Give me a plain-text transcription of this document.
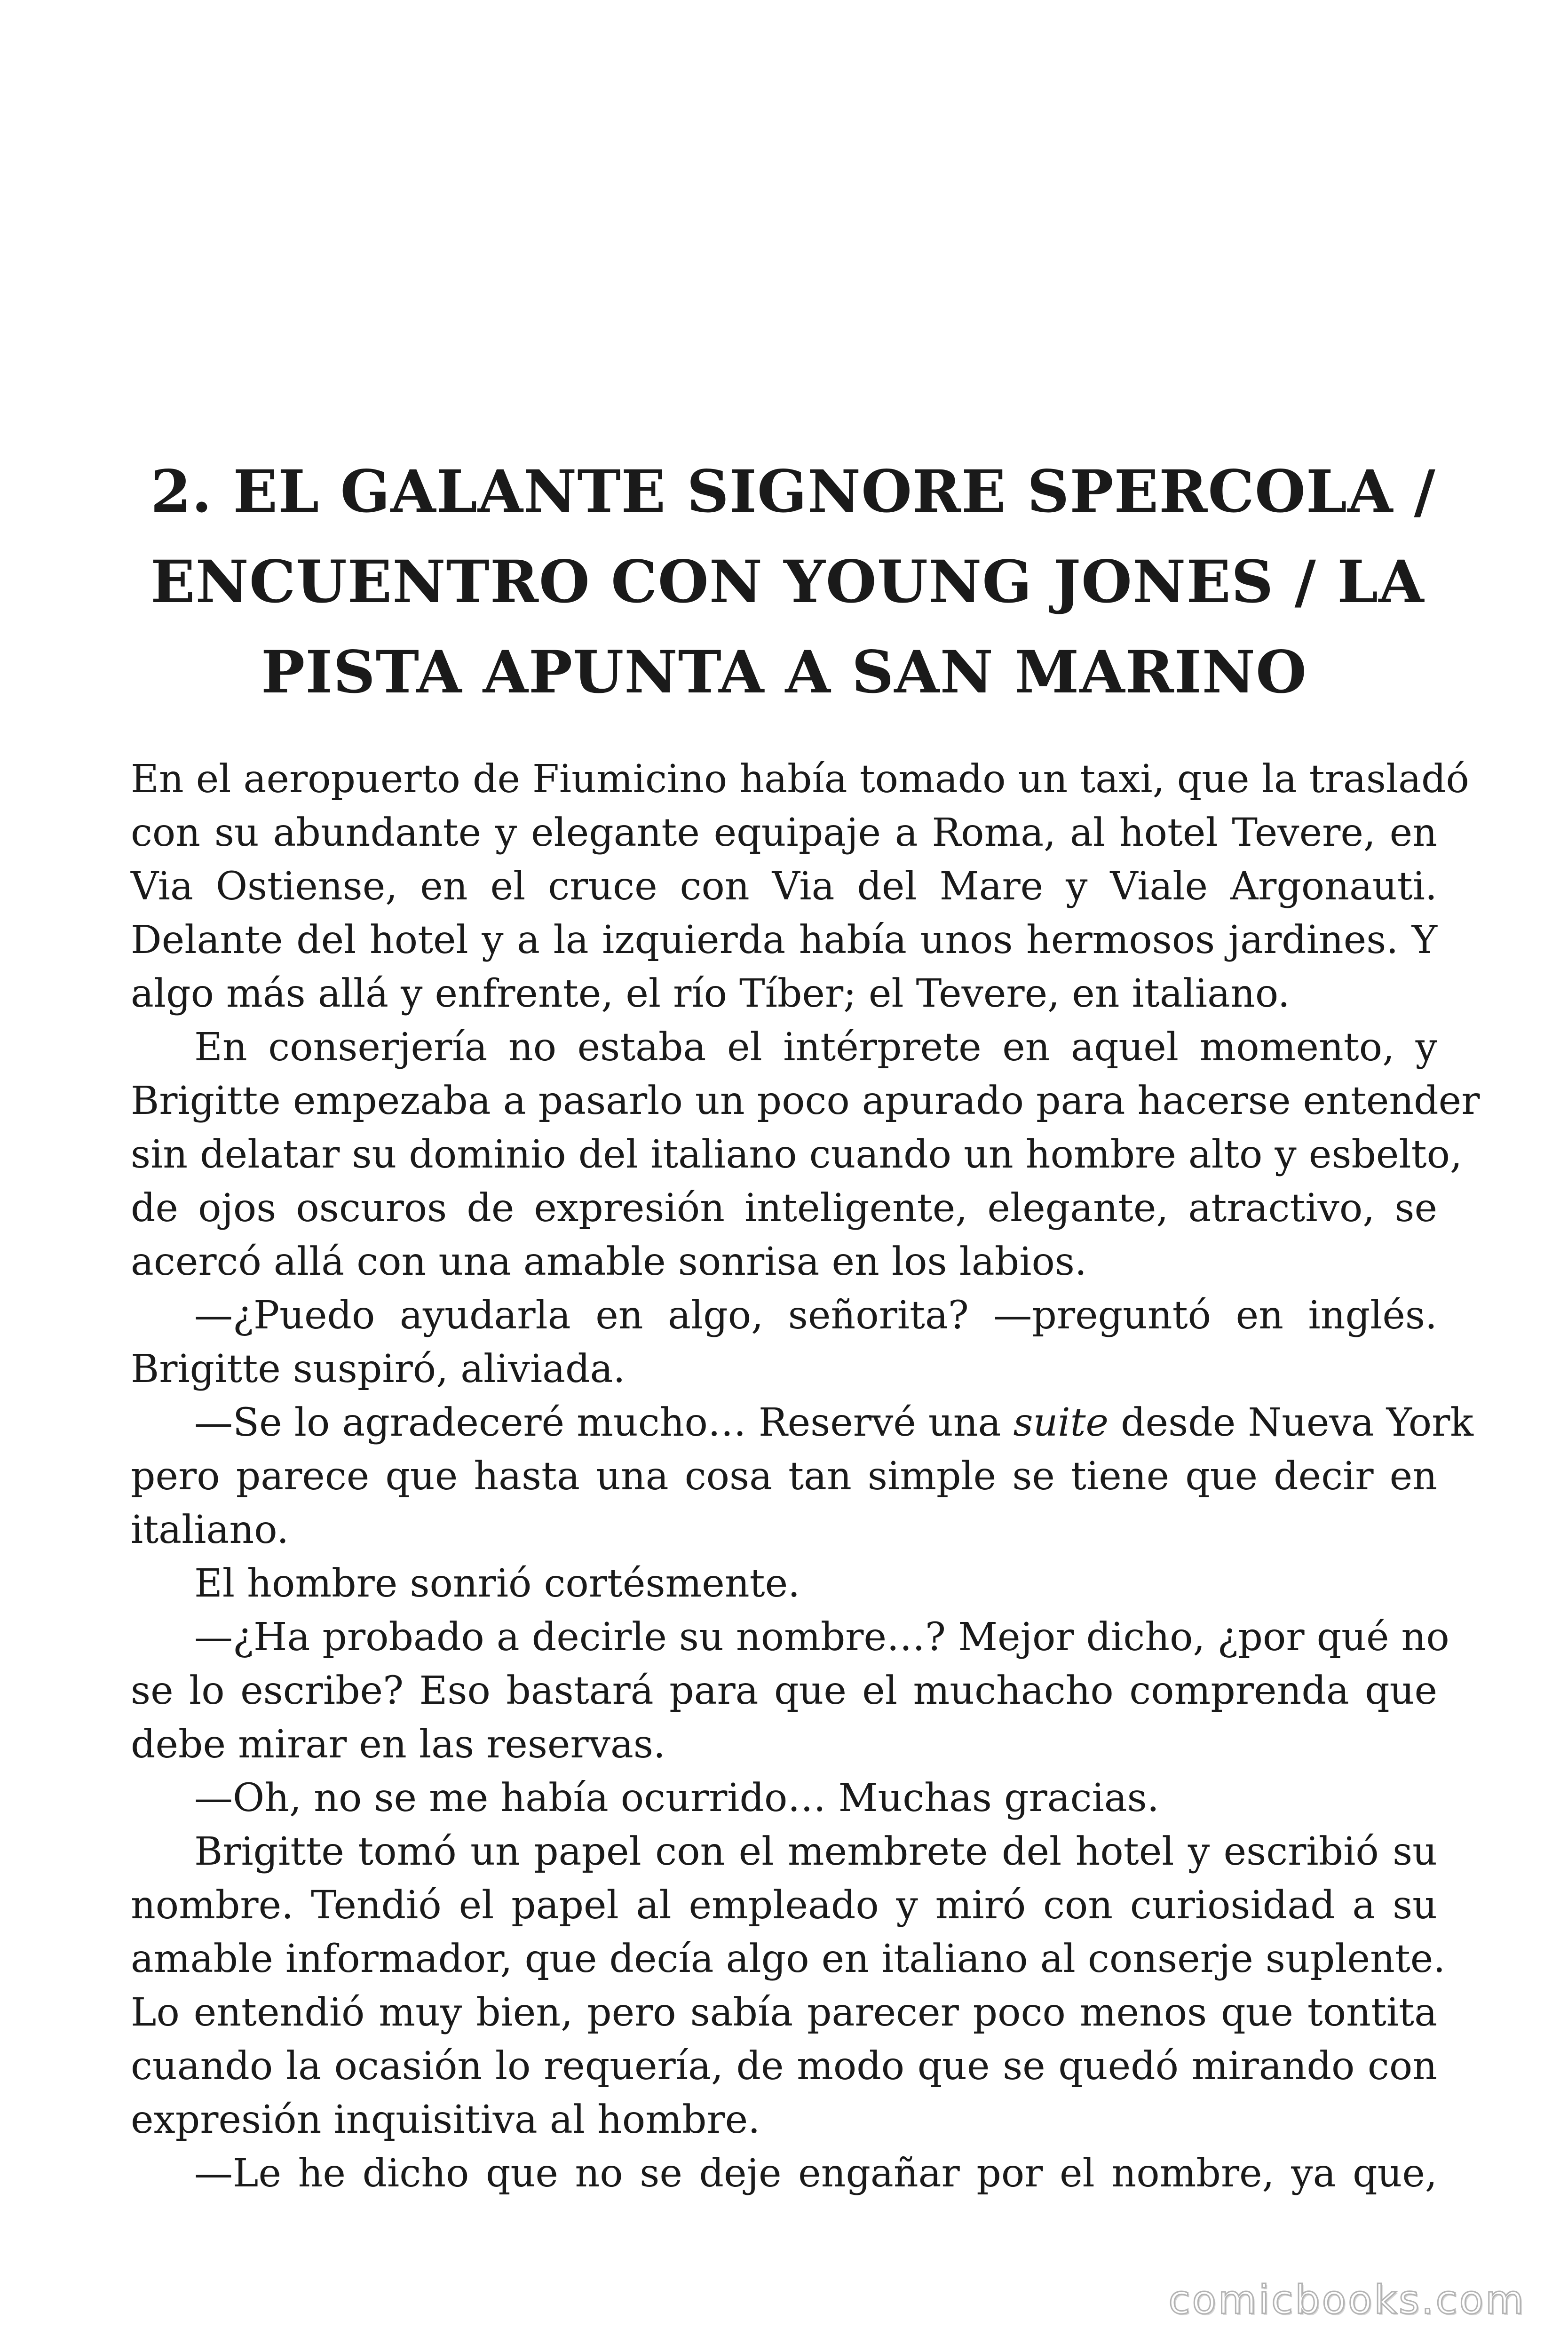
2. EL GALANTE SIGNORE SPERCOLA /
ENCUENTRO CON YOUNG JONES / LA
PISTA APUNTA A SAN MARINO

En el aeropuerto de Fiumicino había tomado un taxi, que la trasladó
con su abundante y elegante equipaje a Roma, al hotel Tevere, en
Via Ostiense, en el cruce con Via del Mare y Viale Argonauti.
Delante del hotel y a la izquierda había unos hermosos jardines. Y
algo más allá y enfrente, el río Tíber; el Tevere, en italiano.

En conserjería no estaba el intérprete en aquel momento, y
Brigitte empezaba a pasarlo un poco apurado para hacerse entender
sin delatar su dominio del italiano cuando un hombre alto y esbelto,
de ojos oscuros de expresión inteligente, elegante, atractivo, se
acercó allá con una amable sonrisa en los labios.

—¿Puedo ayudarla en algo, señorita? —preguntó en inglés.
Brigitte suspiró, aliviada.

—Se lo agradeceré mucho… Reservé una suite desde Nueva York
pero parece que hasta una cosa tan simple se tiene que decir en
italiano.

El hombre sonrió cortésmente.

—¿Ha probado a decirle su nombre…? Mejor dicho, ¿por qué no
se lo escribe? Eso bastará para que el muchacho comprenda que
debe mirar en las reservas.

—Oh, no se me había ocurrido… Muchas gracias.

Brigitte tomó un papel con el membrete del hotel y escribió su
nombre. Tendió el papel al empleado y miró con curiosidad a su
amable informador, que decía algo en italiano al conserje suplente.
Lo entendió muy bien, pero sabía parecer poco menos que tontita
cuando la ocasión lo requería, de modo que se quedó mirando con
expresión inquisitiva al hombre.

—Le he dicho que no se deje engañar por el nombre, ya que,

comicbooks.com
